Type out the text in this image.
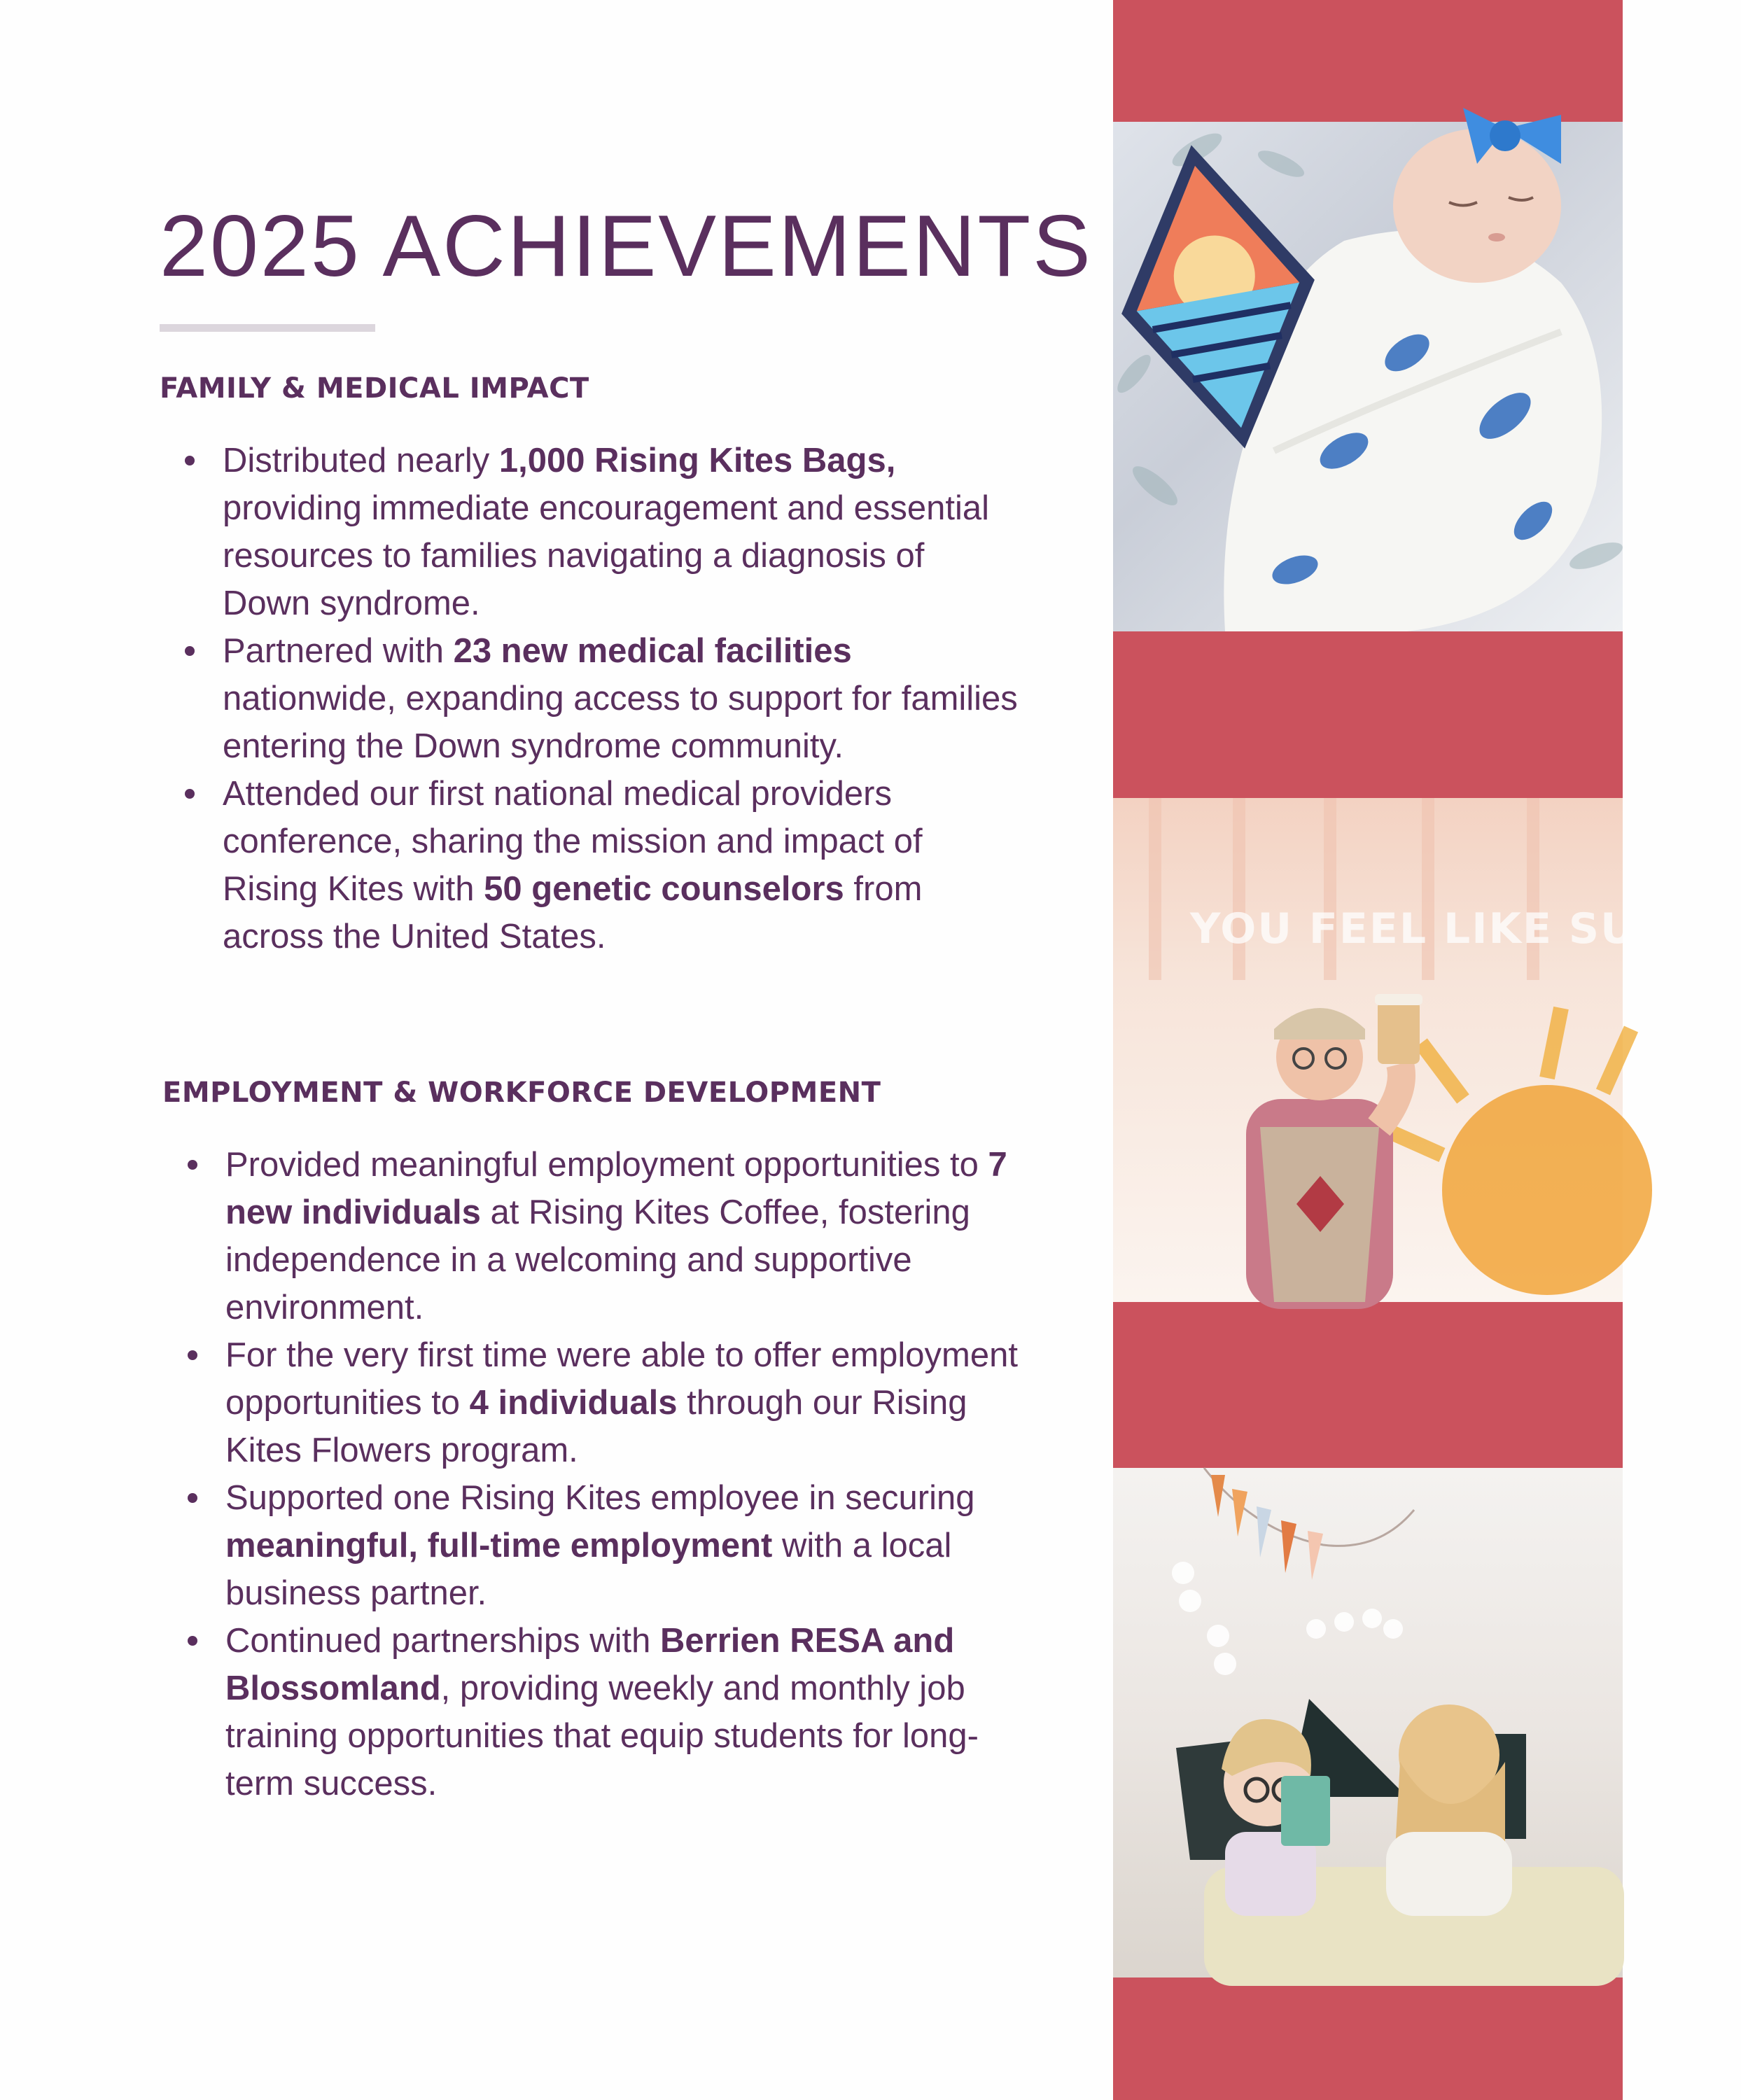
2025 ACHIEVEMENTS
FAMILY & MEDICAL IMPACT
Distributed nearly 1,000 Rising Kites Bags, providing immediate encouragement and essential resources to families navigating a diagnosis of Down syndrome.
Partnered with 23 new medical facilities nationwide, expanding access to support for families entering the Down syndrome community.
Attended our first national medical providers conference, sharing the mission and impact of Rising Kites with 50 genetic counselors from across the United States.
EMPLOYMENT & WORKFORCE DEVELOPMENT
Provided meaningful employment opportunities to 7 new individuals at Rising Kites Coffee, fostering independence in a welcoming and supportive environment.
For the very first time were able to offer employment opportunities to 4 individuals through our Rising Kites Flowers program.
Supported one Rising Kites employee in securing meaningful, full-time employment with a local business partner.
Continued partnerships with Berrien RESA and Blossomland, providing weekly and monthly job training opportunities that equip students for long-term success.
YOU FEEL LIKE SUNSH
